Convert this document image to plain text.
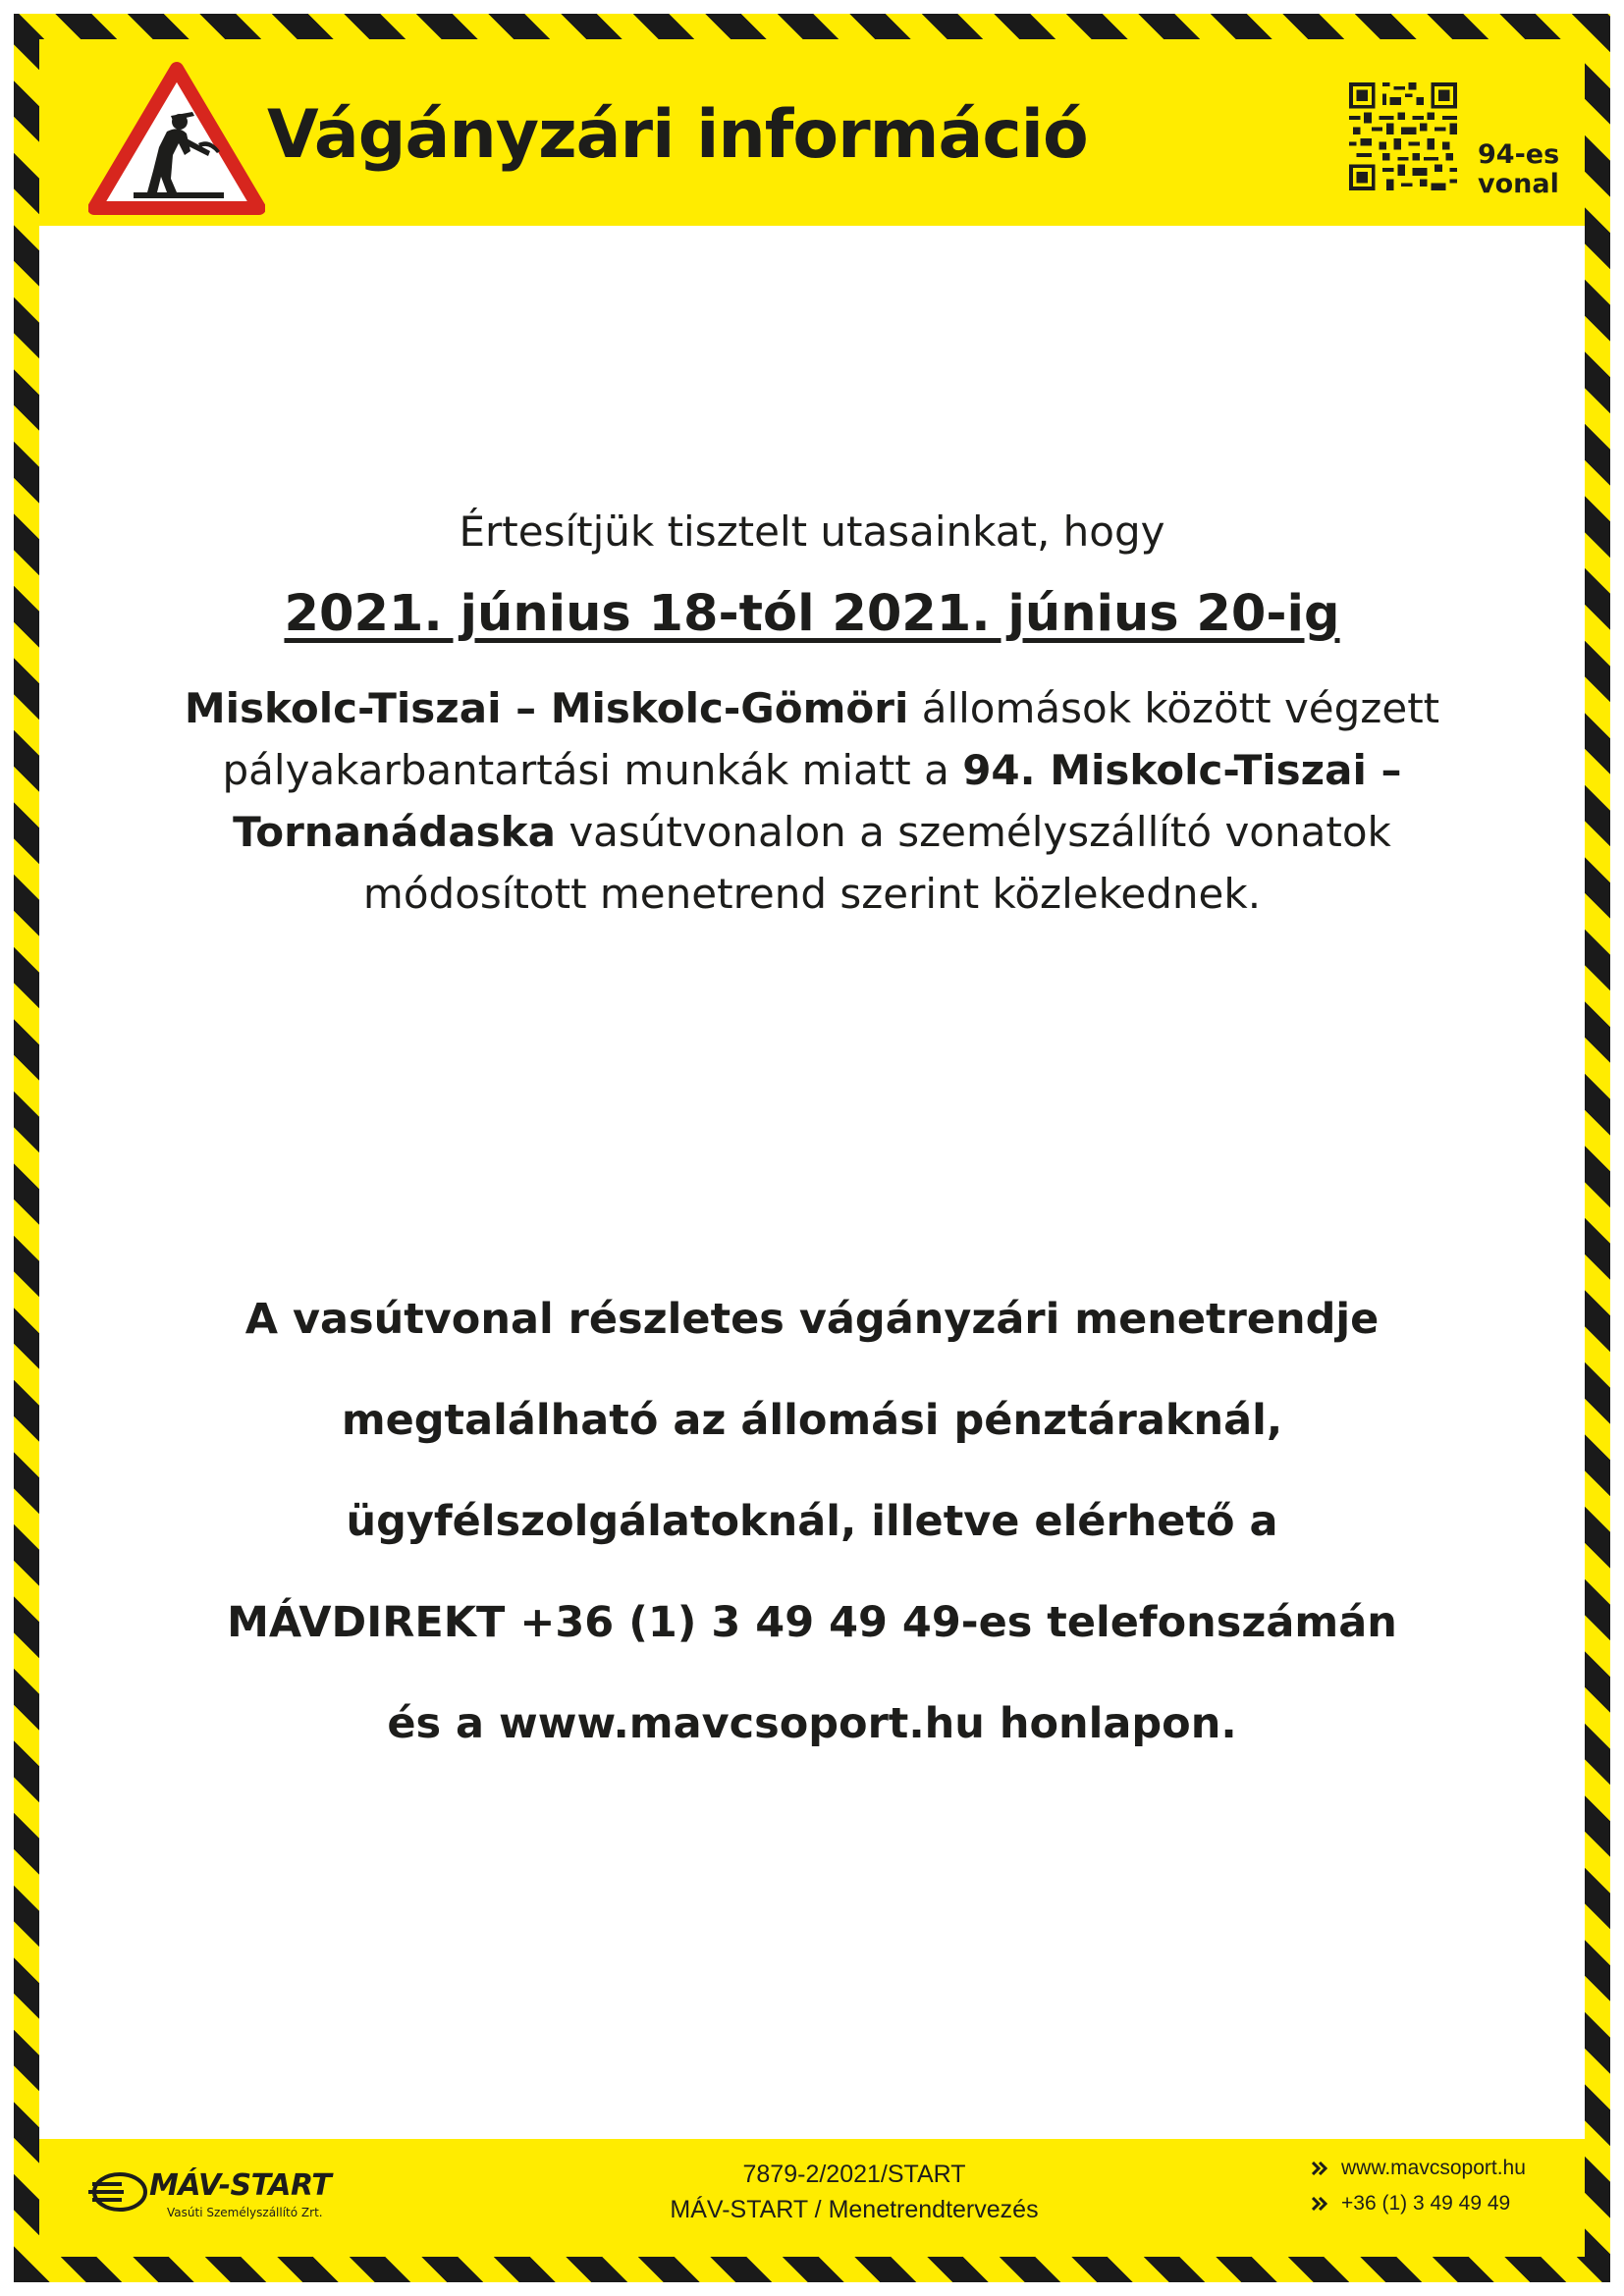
Vágányzári információ	94-es
vonal
Értesítjük tisztelt utasainkat, hogy
2021. június 18-tól 2021. június 20-ig
Miskolc-Tiszai – Miskolc-Gömöri állomások között végzett pályakarbantartási munkák miatt a 94. Miskolc-Tiszai – Tornanádaska vasútvonalon a személyszállító vonatok módosított menetrend szerint közlekednek.
A vasútvonal részletes vágányzári menetrendje
megtalálható az állomási pénztáraknál,
ügyfélszolgálatoknál, illetve elérhető a
MÁVDIREKT +36 (1) 3 49 49 49-es telefonszámán
és a www.mavcsoport.hu honlapon.
MÁV-START
Vasúti Személyszállító Zrt.
7879-2/2021/START
MÁV-START / Menetrendtervezés
www.mavcsoport.hu
+36 (1) 3 49 49 49
